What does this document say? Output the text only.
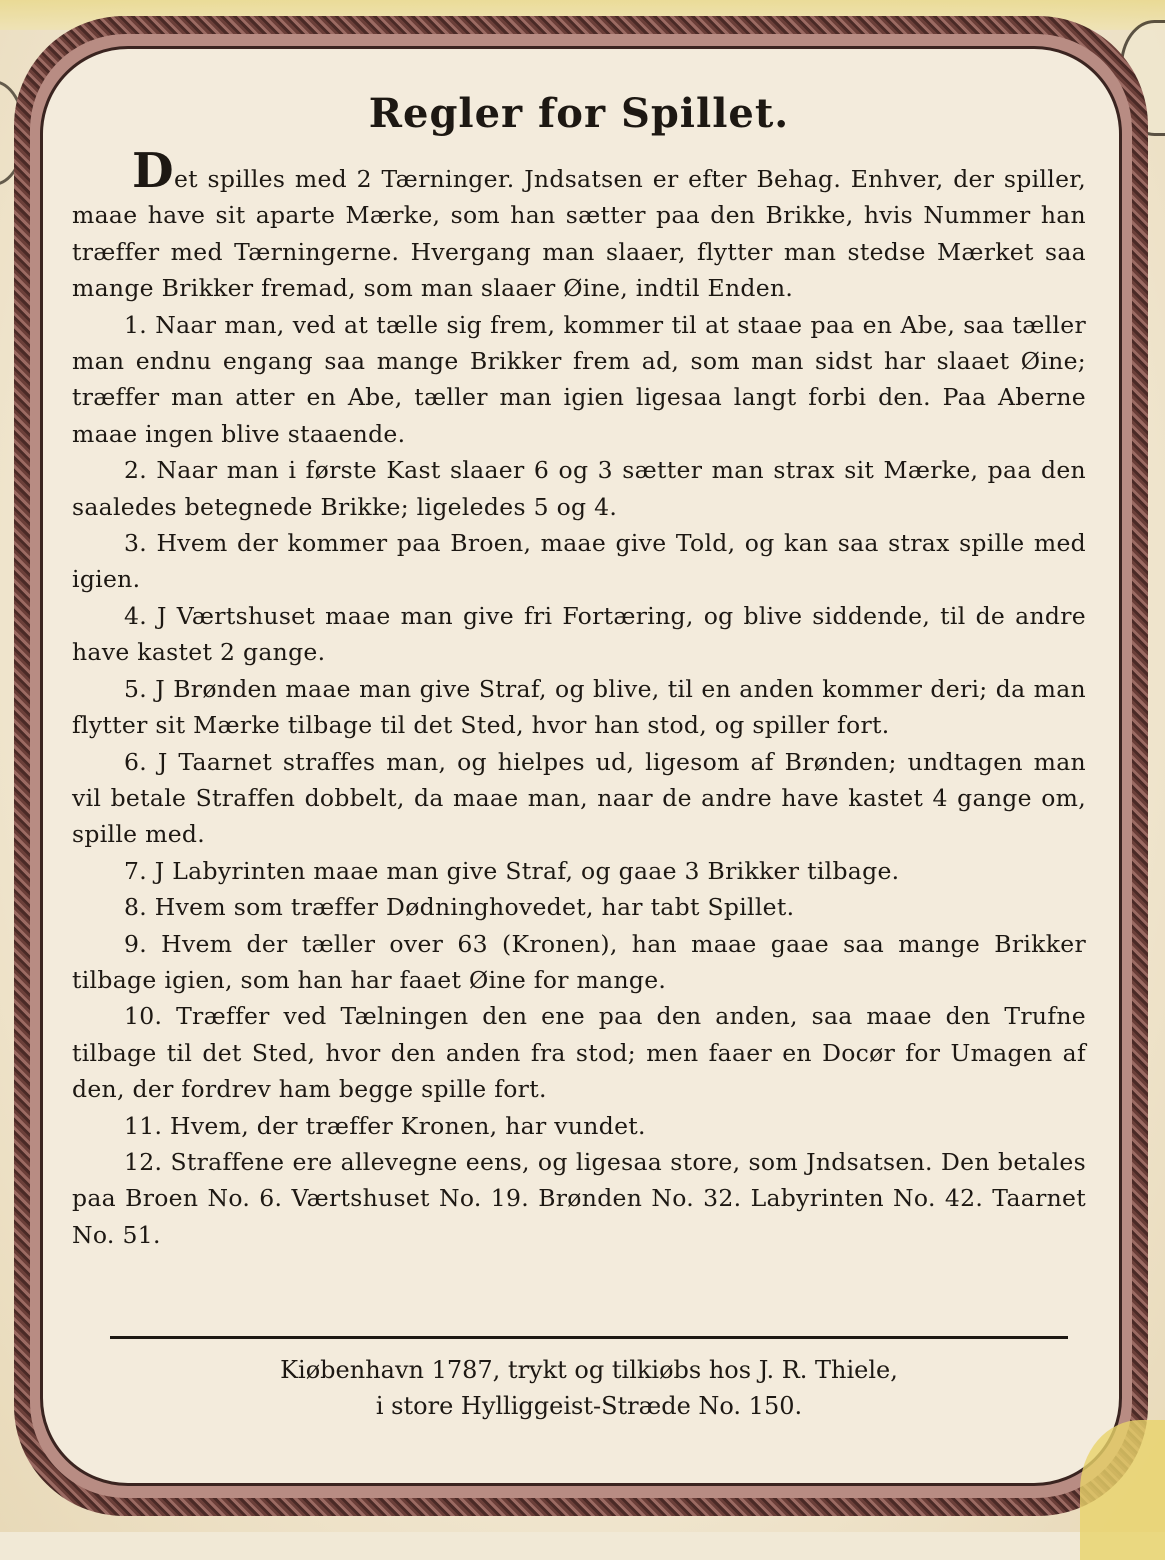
Regler for Spillet.

Det spilles med 2 Tærninger. Jndsatsen er efter Behag. Enhver, der spiller, maae have sit aparte Mærke, som han sætter paa den Brikke, hvis Nummer han træffer med Tærningerne. Hvergang man slaaer, flytter man stedse Mærket saa mange Brikker fremad, som man slaaer Øine, indtil Enden.

1. Naar man, ved at tælle sig frem, kommer til at staae paa en Abe, saa tæller man endnu engang saa mange Brikker frem ad, som man sidst har slaaet Øine; træffer man atter en Abe, tæller man igien ligesaa langt forbi den. Paa Aberne maae ingen blive staaende.

2. Naar man i første Kast slaaer 6 og 3 sætter man strax sit Mærke, paa den saaledes betegnede Brikke; ligeledes 5 og 4.

3. Hvem der kommer paa Broen, maae give Told, og kan saa strax spille med igien.

4. J Værtshuset maae man give fri Fortæring, og blive siddende, til de andre have kastet 2 gange.

5. J Brønden maae man give Straf, og blive, til en anden kommer deri; da man flytter sit Mærke tilbage til det Sted, hvor han stod, og spiller fort.

6. J Taarnet straffes man, og hielpes ud, ligesom af Brønden; undtagen man vil betale Straffen dobbelt, da maae man, naar de andre have kastet 4 gange om, spille med.

7. J Labyrinten maae man give Straf, og gaae 3 Brikker tilbage.

8. Hvem som træffer Dødninghovedet, har tabt Spillet.

9. Hvem der tæller over 63 (Kronen), han maae gaae saa mange Brikker tilbage igien, som han har faaet Øine for mange.

10. Træffer ved Tælningen den ene paa den anden, saa maae den Trufne tilbage til det Sted, hvor den anden fra stod; men faaer en Docør for Umagen af den, der fordrev ham begge spille fort.

11. Hvem, der træffer Kronen, har vundet.

12. Straffene ere allevegne eens, og ligesaa store, som Jndsatsen. Den betales paa Broen No. 6. Værtshuset No. 19. Brønden No. 32. Labyrinten No. 42. Taarnet No. 51.

Kiøbenhavn 1787, trykt og tilkiøbs hos J. R. Thiele,
i store Hylliggeist-Stræde No. 150.
